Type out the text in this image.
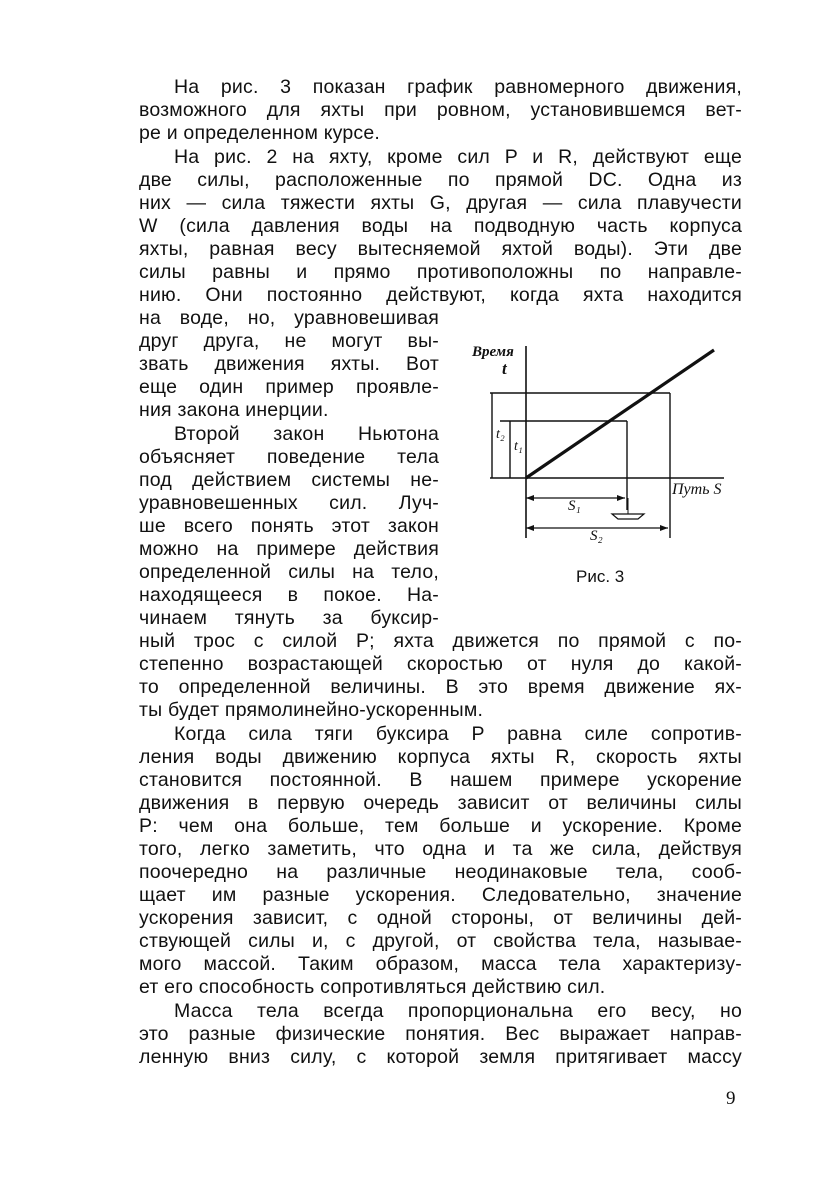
На рис. 3 показан график равномерного движения,
возможного для яхты при ровном, установившемся вет-
ре и определенном курсе.
На рис. 2 на яхту, кроме сил P и R, действуют еще
две силы, расположенные по прямой DC. Одна из
них — сила тяжести яхты G, другая — сила плавучести
W (сила давления воды на подводную часть корпуса
яхты, равная весу вытесняемой яхтой воды). Эти две
силы равны и прямо противоположны по направле-
нию. Они постоянно действуют, когда яхта находится
на воде, но, уравновешивая
друг друга, не могут вы-
звать движения яхты. Вот
еще один пример проявле-
ния закона инерции.
Второй закон Ньютона
объясняет поведение тела
под действием системы не-
уравновешенных сил. Луч-
ше всего понять этот закон
можно на примере действия
определенной силы на тело,
находящееся в покое. На-
чинаем тянуть за буксир-
ный трос с силой P; яхта движется по прямой с по-
степенно возрастающей скоростью от нуля до какой-
то определенной величины. В это время движение ях-
ты будет прямолинейно-ускоренным.
Когда сила тяги буксира P равна силе сопротив-
ления воды движению корпуса яхты R, скорость яхты
становится постоянной. В нашем примере ускорение
движения в первую очередь зависит от величины силы
P: чем она больше, тем больше и ускорение. Кроме
того, легко заметить, что одна и та же сила, действуя
поочередно на различные неодинаковые тела, сооб-
щает им разные ускорения. Следовательно, значение
ускорения зависит, с одной стороны, от величины дей-
ствующей силы и, с другой, от свойства тела, называе-
мого массой. Таким образом, масса тела характеризу-
ет его способность сопротивляться действию сил.
Масса тела всегда пропорциональна его весу, но
это разные физические понятия. Вес выражает направ-
ленную вниз силу, с которой земля притягивает массу
Время
t
Путь S
S₁
S₂
t₁
t₂
Рис. 3
9
